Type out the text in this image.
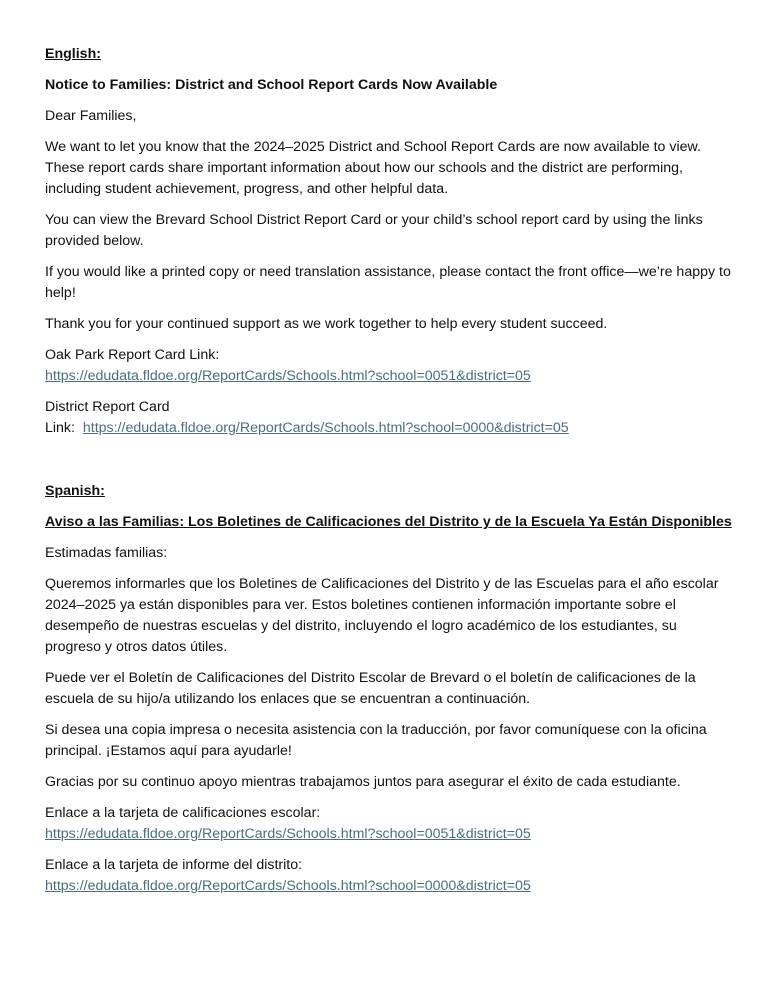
English:
Notice to Families: District and School Report Cards Now Available

Dear Families,

We want to let you know that the 2024–2025 District and School Report Cards are now available to view. These report cards share important information about how our schools and the district are performing, including student achievement, progress, and other helpful data.

You can view the Brevard School District Report Card or your child’s school report card by using the links provided below.

If you would like a printed copy or need translation assistance, please contact the front office—we’re happy to help!

Thank you for your continued support as we work together to help every student succeed.

Oak Park Report Card Link:
https://edudata.fldoe.org/ReportCards/Schools.html?school=0051&district=05
District Report Card
Link: https://edudata.fldoe.org/ReportCards/Schools.html?school=0000&district=05
Spanish:
Aviso a las Familias: Los Boletines de Calificaciones del Distrito y de la Escuela Ya Están Disponibles

Estimadas familias:

Queremos informarles que los Boletines de Calificaciones del Distrito y de las Escuelas para el año escolar 2024–2025 ya están disponibles para ver. Estos boletines contienen información importante sobre el desempeño de nuestras escuelas y del distrito, incluyendo el logro académico de los estudiantes, su progreso y otros datos útiles.

Puede ver el Boletín de Calificaciones del Distrito Escolar de Brevard o el boletín de calificaciones de la escuela de su hijo/a utilizando los enlaces que se encuentran a continuación.

Si desea una copia impresa o necesita asistencia con la traducción, por favor comuníquese con la oficina principal. ¡Estamos aquí para ayudarle!

Gracias por su continuo apoyo mientras trabajamos juntos para asegurar el éxito de cada estudiante.

Enlace a la tarjeta de calificaciones escolar:
https://edudata.fldoe.org/ReportCards/Schools.html?school=0051&district=05
Enlace a la tarjeta de informe del distrito:
https://edudata.fldoe.org/ReportCards/Schools.html?school=0000&district=05
